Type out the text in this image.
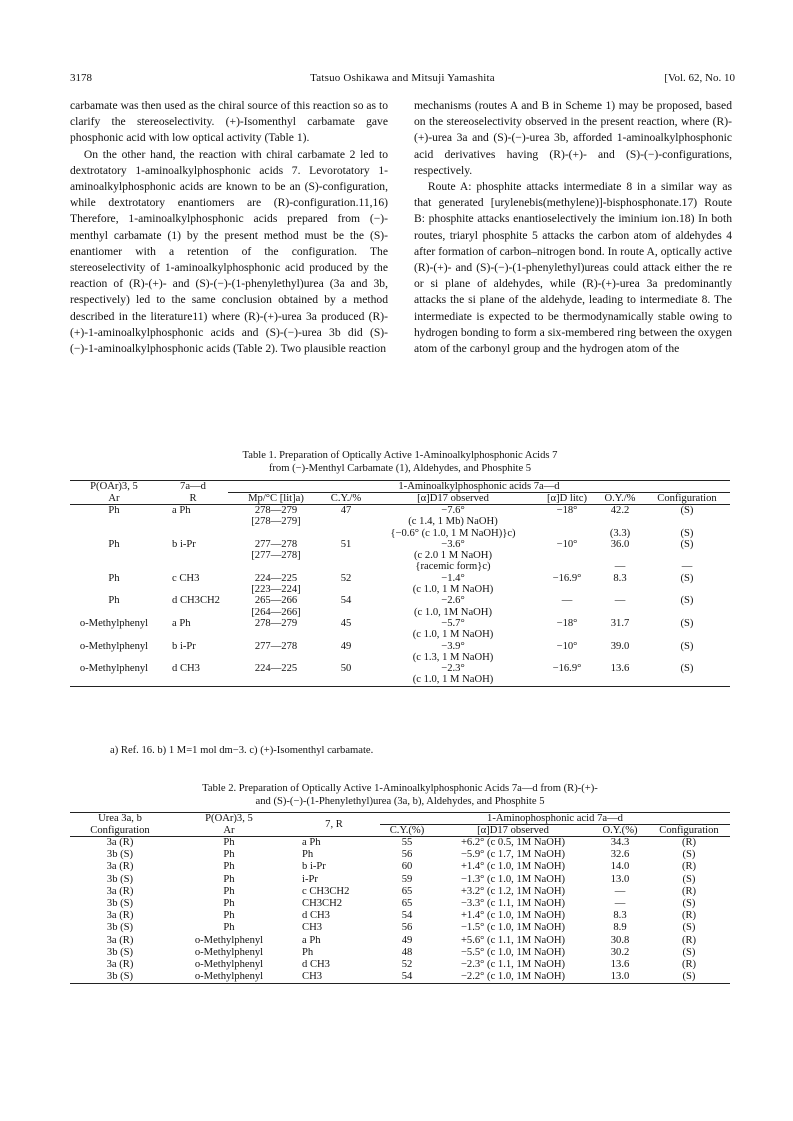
3178	Tatsuo Oshikawa and Mitsuji Yamashita	[Vol. 62, No. 10

carbamate was then used as the chiral source of this reaction so as to clarify the stereoselectivity. (+)-Isomenthyl carbamate gave phosphonic acid with low optical activity (Table 1).

On the other hand, the reaction with chiral carbamate 2 led to dextrotatory 1-aminoalkylphosphonic acids 7. Levorotatory 1-aminoalkylphosphonic acids are known to be an (S)-configuration, while dextrotatory enantiomers are (R)-configuration.11,16) Therefore, 1-aminoalkylphosphonic acids prepared from (−)-menthyl carbamate (1) by the present method must be the (S)-enantiomer with a retention of the configuration. The stereoselectivity of 1-aminoalkylphosphonic acid produced by the reaction of (R)-(+)- and (S)-(−)-(1-phenylethyl)urea (3a and 3b, respectively) led to the same conclusion obtained by a method described in the literature11) where (R)-(+)-urea 3a produced (R)-(+)-1-aminoalkylphosphonic acids and (S)-(−)-urea 3b did (S)-(−)-1-aminoalkylphosphonic acids (Table 2). Two plausible reaction

mechanisms (routes A and B in Scheme 1) may be proposed, based on the stereoselectivity observed in the present reaction, where (R)-(+)-urea 3a and (S)-(−)-urea 3b, afforded 1-aminoalkylphosphonic acid derivatives having (R)-(+)- and (S)-(−)-configurations, respectively.

Route A: phosphite attacks intermediate 8 in a similar way as that generated [urylenebis(methylene)]-bisphosphonate.17) Route B: phosphite attacks enantioselectively the iminium ion.18) In both routes, triaryl phosphite 5 attacks the carbon atom of aldehydes 4 after formation of carbon–nitrogen bond. In route A, optically active (R)-(+)- and (S)-(−)-(1-phenylethyl)ureas could attack either the re or si plane of aldehydes, while (R)-(+)-urea 3a predominantly attacks the si plane of the aldehyde, leading to intermediate 8. The intermediate is expected to be thermodynamically stable owing to hydrogen bonding to form a six-membered ring between the oxygen atom of the carbonyl group and the hydrogen atom of the

Table 1. Preparation of Optically Active 1-Aminoalkylphosphonic Acids 7
from (−)-Menthyl Carbamate (1), Aldehydes, and Phosphite 5
P(OAr)3, 5	7a—d	1-Aminoalkylphosphonic acids 7a—d					
Ar	R	Mp/°C [lit]a)	C.Y./%	[α]D17 observed	[α]D litc)	O.Y./%	Configuration
Ph	a Ph	278—279	47	−7.6°	−18°	42.2	(S)
		[278—279]		(c 1.4, 1 Mb) NaOH)			
				{−0.6° (c 1.0, 1 M NaOH)}c)		(3.3)	(S)
Ph	b i-Pr	277—278	51	−3.6°	−10°	36.0	(S)
		[277—278]		(c 2.0 1 M NaOH)			
				{racemic form}c)		—	—
Ph	c CH3	224—225	52	−1.4°	−16.9°	8.3	(S)
		[223—224]		(c 1.0, 1 M NaOH)			
Ph	d CH3CH2	265—266	54	−2.6°	—	—	(S)
		[264—266]		(c 1.0, 1M NaOH)			
o-Methylphenyl	a Ph	278—279	45	−5.7°	−18°	31.7	(S)
				(c 1.0, 1 M NaOH)			
o-Methylphenyl	b i-Pr	277—278	49	−3.9°	−10°	39.0	(S)
				(c 1.3, 1 M NaOH)			
o-Methylphenyl	d CH3	224—225	50	−2.3°	−16.9°	13.6	(S)
				(c 1.0, 1 M NaOH)			
a) Ref. 16. b) 1 M=1 mol dm−3. c) (+)-Isomenthyl carbamate.
Table 2. Preparation of Optically Active 1-Aminoalkylphosphonic Acids 7a—d from (R)-(+)-
and (S)-(−)-(1-Phenylethyl)urea (3a, b), Aldehydes, and Phosphite 5
Urea 3a, b	P(OAr)3, 5	7, R	1-Aminophosphonic acid 7a—d			
Configuration	Ar		C.Y.(%)	[α]D17 observed	O.Y.(%)	Configuration
3a (R)	Ph	a Ph	55	+6.2° (c 0.5, 1M NaOH)	34.3	(R)
3b (S)	Ph	Ph	56	−5.9° (c 1.7, 1M NaOH)	32.6	(S)
3a (R)	Ph	b i-Pr	60	+1.4° (c 1.0, 1M NaOH)	14.0	(R)
3b (S)	Ph	i-Pr	59	−1.3° (c 1.0, 1M NaOH)	13.0	(S)
3a (R)	Ph	c CH3CH2	65	+3.2° (c 1.2, 1M NaOH)	—	(R)
3b (S)	Ph	CH3CH2	65	−3.3° (c 1.1, 1M NaOH)	—	(S)
3a (R)	Ph	d CH3	54	+1.4° (c 1.0, 1M NaOH)	8.3	(R)
3b (S)	Ph	CH3	56	−1.5° (c 1.0, 1M NaOH)	8.9	(S)
3a (R)	o-Methylphenyl	a Ph	49	+5.6° (c 1.1, 1M NaOH)	30.8	(R)
3b (S)	o-Methylphenyl	Ph	48	−5.5° (c 1.0, 1M NaOH)	30.2	(S)
3a (R)	o-Methylphenyl	d CH3	52	−2.3° (c 1.1, 1M NaOH)	13.6	(R)
3b (S)	o-Methylphenyl	CH3	54	−2.2° (c 1.0, 1M NaOH)	13.0	(S)
